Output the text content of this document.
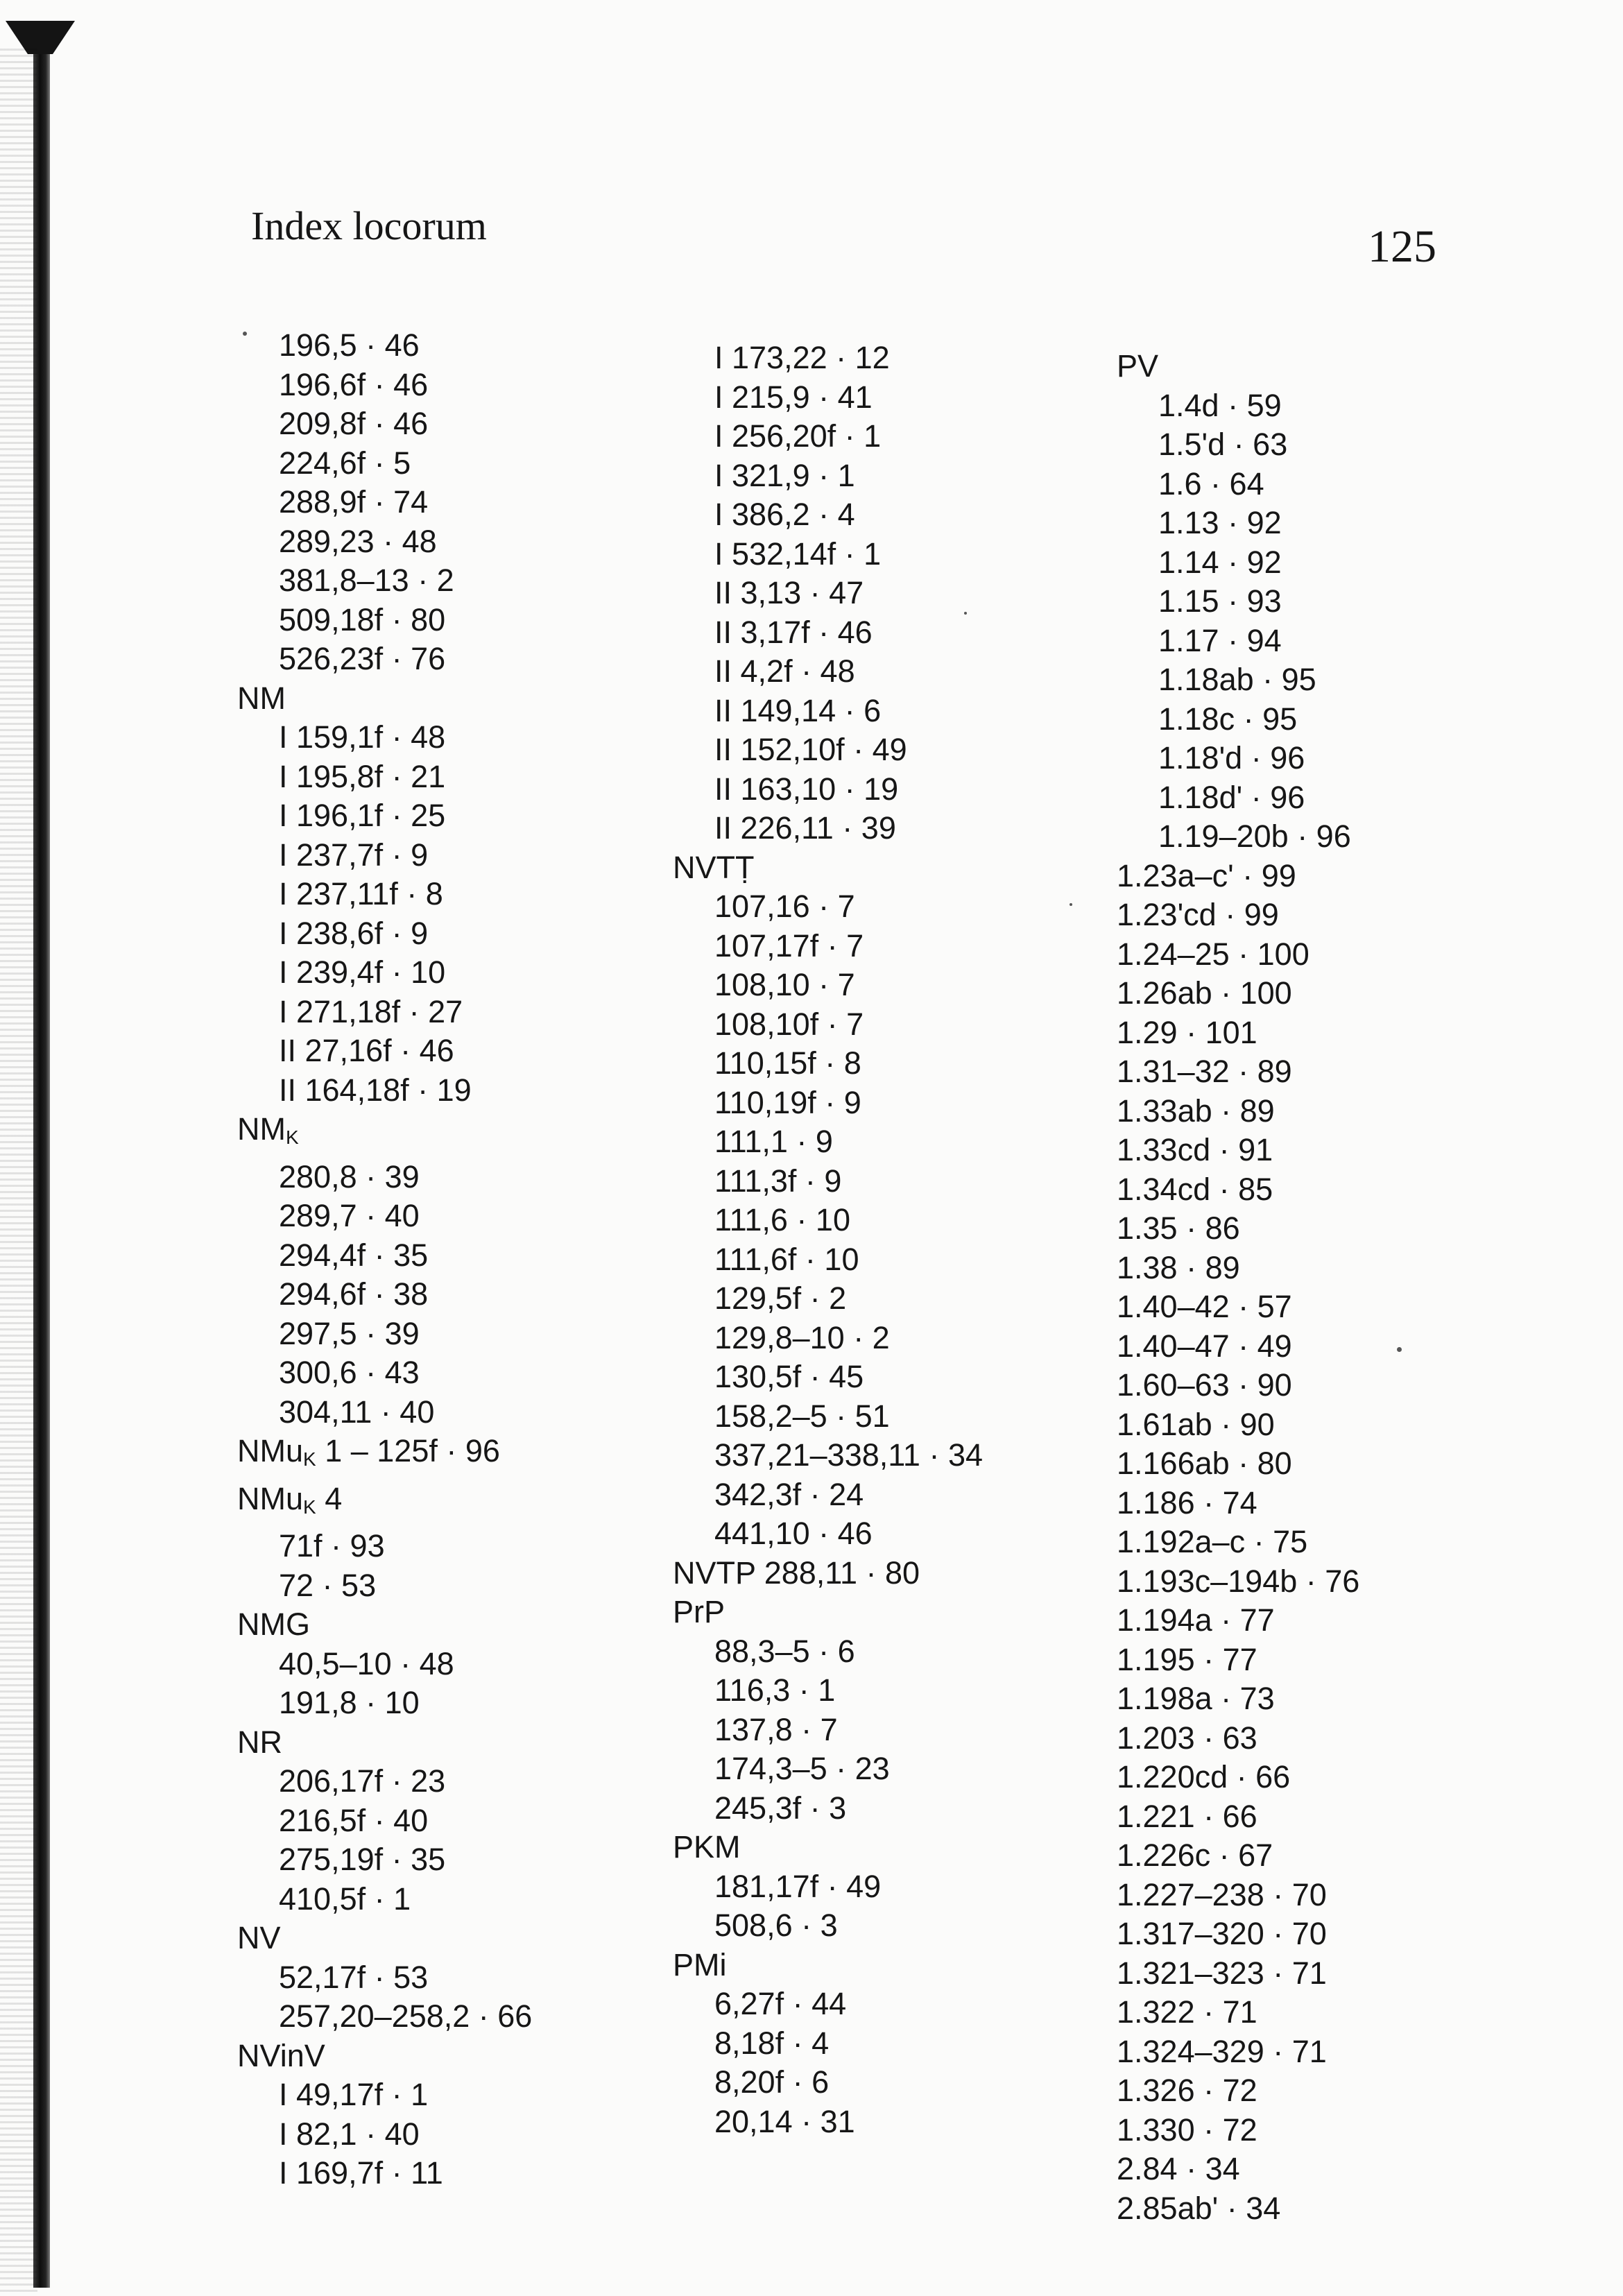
Index locorum	125
196,5 · 46
196,6f · 46
209,8f · 46
224,6f · 5
288,9f · 74
289,23 · 48
381,8–13 · 2
509,18f · 80
526,23f · 76
NM
I 159,1f · 48
I 195,8f · 21
I 196,1f · 25
I 237,7f · 9
I 237,11f · 8
I 238,6f · 9
I 239,4f · 10
I 271,18f · 27
II 27,16f · 46
II 164,18f · 19
$NM_K$
280,8 · 39
289,7 · 40
294,4f · 35
294,6f · 38
297,5 · 39
300,6 · 43
304,11 · 40
NMu$_K$ 1 – 125f · 96
NMu$_K$ 4
71f · 93
72 · 53
NMG
40,5–10 · 48
191,8 · 10
NR
206,17f · 23
216,5f · 40
275,19f · 35
410,5f · 1
NV
52,17f · 53
257,20–258,2 · 66
NVinV
I 49,17f · 1
I 82,1 · 40
I 169,7f · 11
I 173,22 · 12
I 215,9 · 41
I 256,20f · 1
I 321,9 · 1
I 386,2 · 4
I 532,14f · 1
II 3,13 · 47
II 3,17f · 46
II 4,2f · 48
II 149,14 · 6
II 152,10f · 49
II 163,10 · 19
II 226,11 · 39
NVTṬ
107,16 · 7
107,17f · 7
108,10 · 7
108,10f · 7
110,15f · 8
110,19f · 9
111,1 · 9
111,3f · 9
111,6 · 10
111,6f · 10
129,5f · 2
129,8–10 · 2
130,5f · 45
158,2–5 · 51
337,21–338,11 · 34
342,3f · 24
441,10 · 46
NVTP 288,11 · 80
PrP
88,3–5 · 6
116,3 · 1
137,8 · 7
174,3–5 · 23
245,3f · 3
PKM
181,17f · 49
508,6 · 3
PMi
6,27f · 44
8,18f · 4
8,20f · 6
20,14 · 31
PV
1.4d · 59
1.5'd · 63
1.6 · 64
1.13 · 92
1.14 · 92
1.15 · 93
1.17 · 94
1.18ab · 95
1.18c · 95
1.18'd · 96
1.18d' · 96
1.19–20b · 96
1.23a–c' · 99
1.23'cd · 99
1.24–25 · 100
1.26ab · 100
1.29 · 101
1.31–32 · 89
1.33ab · 89
1.33cd · 91
1.34cd · 85
1.35 · 86
1.38 · 89
1.40–42 · 57
1.40–47 · 49
1.60–63 · 90
1.61ab · 90
1.166ab · 80
1.186 · 74
1.192a–c · 75
1.193c–194b · 76
1.194a · 77
1.195 · 77
1.198a · 73
1.203 · 63
1.220cd · 66
1.221 · 66
1.226c · 67
1.227–238 · 70
1.317–320 · 70
1.321–323 · 71
1.322 · 71
1.324–329 · 71
1.326 · 72
1.330 · 72
2.84 · 34
2.85ab' · 34
